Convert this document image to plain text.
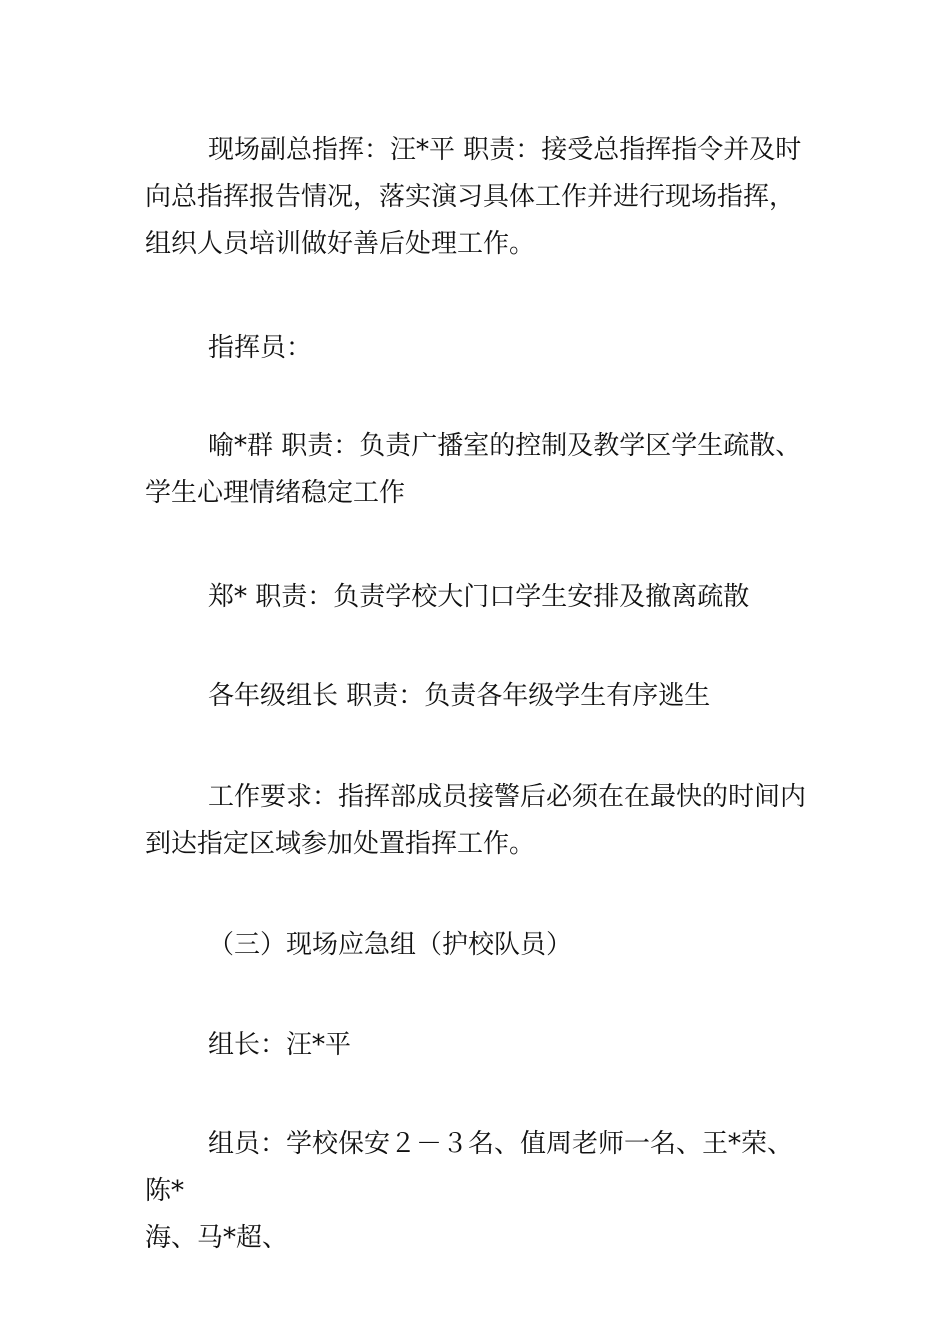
现场副总指挥：汪*平 职责：接受总指挥指令并及时
向总指挥报告情况，落实演习具体工作并进行现场指挥，
组织人员培训做好善后处理工作。
指挥员：
喻*群 职责：负责广播室的控制及教学区学生疏散、
学生心理情绪稳定工作
郑* 职责：负责学校大门口学生安排及撤离疏散
各年级组长 职责：负责各年级学生有序逃生
工作要求：指挥部成员接警后必须在在最快的时间内
到达指定区域参加处置指挥工作。
（三）现场应急组（护校队员）
组长：汪*平
组员：学校保安２－３名、值周老师一名、王*荣、陈*
海、马*超、
